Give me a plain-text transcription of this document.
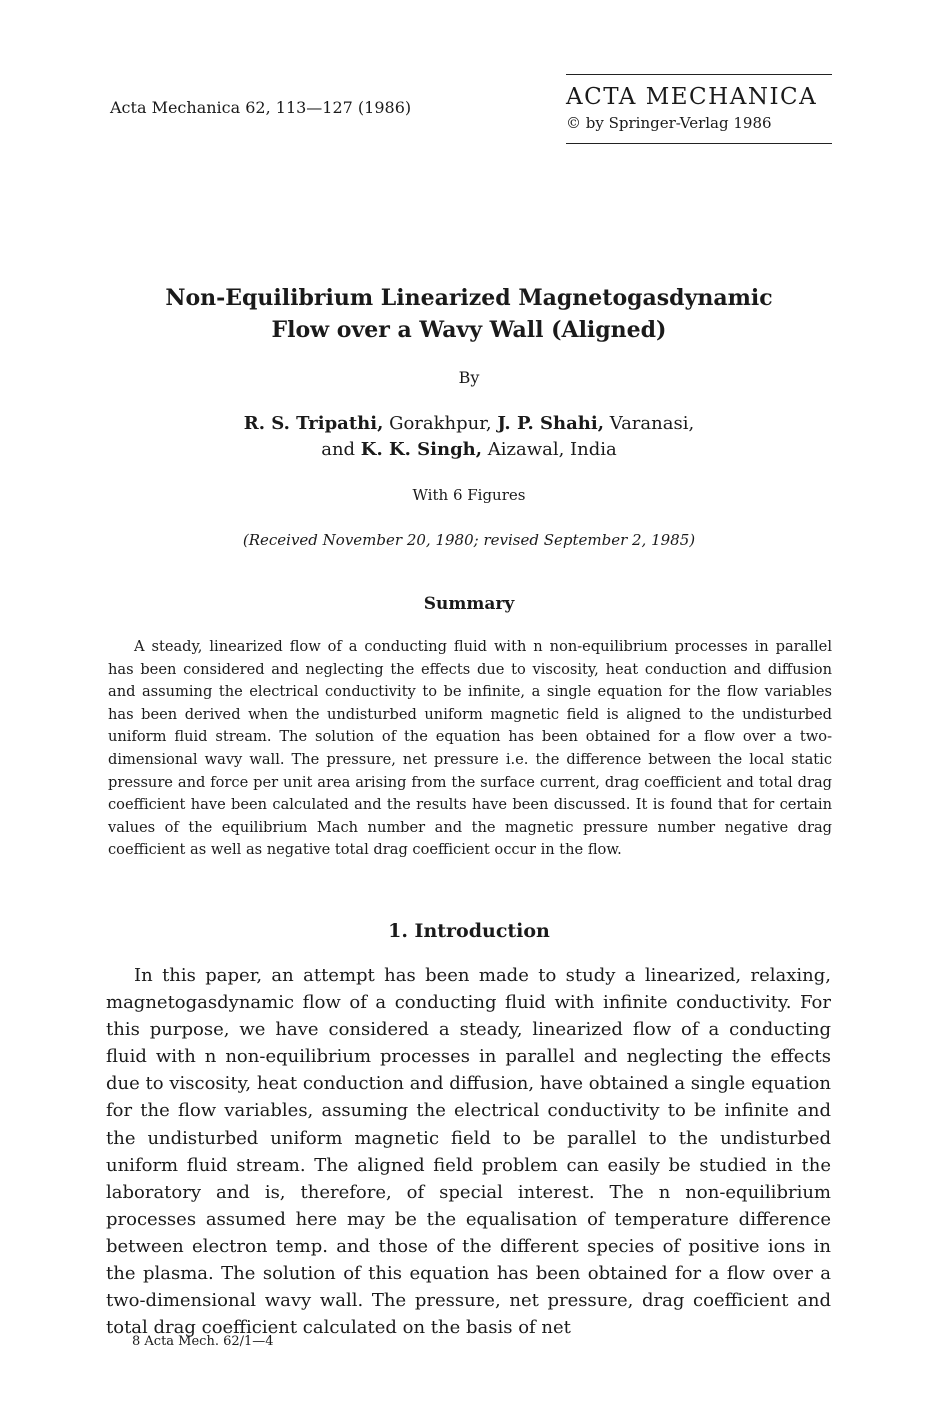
Acta Mechanica 62, 113—127 (1986)	ACTA MECHANICA
© by Springer-Verlag 1986
Non-Equilibrium Linearized Magnetogasdynamic
Flow over a Wavy Wall (Aligned)
By
R. S. Tripathi, Gorakhpur, J. P. Shahi, Varanasi,
and K. K. Singh, Aizawal, India
With 6 Figures
(Received November 20, 1980; revised September 2, 1985)
Summary

A steady, linearized flow of a conducting fluid with n non-equilibrium processes in parallel has been considered and neglecting the effects due to viscosity, heat conduction and diffusion and assuming the electrical conductivity to be infinite, a single equation for the flow variables has been derived when the undisturbed uniform magnetic field is aligned to the undisturbed uniform fluid stream. The solution of the equation has been obtained for a flow over a two-dimensional wavy wall. The pressure, net pressure i.e. the difference between the local static pressure and force per unit area arising from the surface current, drag coefficient and total drag coefficient have been calculated and the results have been discussed. It is found that for certain values of the equilibrium Mach number and the magnetic pressure number negative drag coefficient as well as negative total drag coefficient occur in the flow.

1. Introduction

In this paper, an attempt has been made to study a linearized, relaxing, magnetogasdynamic flow of a conducting fluid with infinite conductivity. For this purpose, we have considered a steady, linearized flow of a conducting fluid with n non-equilibrium processes in parallel and neglecting the effects due to viscosity, heat conduction and diffusion, have obtained a single equation for the flow variables, assuming the electrical conductivity to be infinite and the undisturbed uniform magnetic field to be parallel to the undisturbed uniform fluid stream. The aligned field problem can easily be studied in the laboratory and is, therefore, of special interest. The n non-equilibrium processes assumed here may be the equalisation of temperature difference between electron temp. and those of the different species of positive ions in the plasma. The solution of this equation has been obtained for a flow over a two-dimensional wavy wall. The pressure, net pressure, drag coefficient and total drag coefficient calculated on the basis of net

8 Acta Mech. 62/1—4
